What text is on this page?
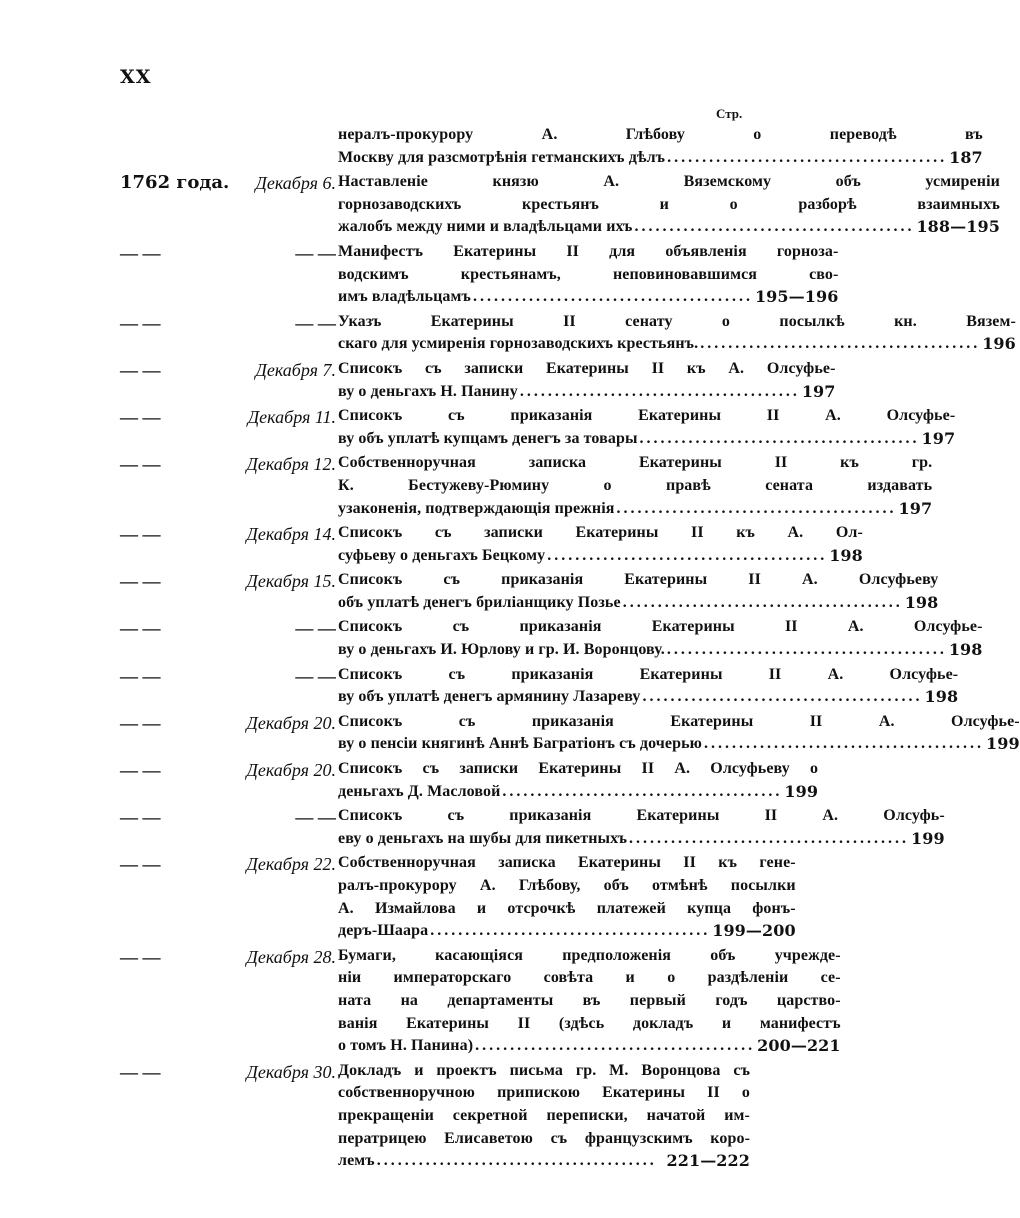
XX
Стр.
нералъ-прокурору А. Глѣбову о переводѣ въ
Москву для разсмотрѣнія гетманскихъ дѣлъ ........................................ 187
1762 года.	Декабря 6. Наставленіе князю А. Вяземскому объ усмиреніи
горнозаводскихъ крестьянъ и о разборѣ взаимныхъ
жалобъ между ними и владѣльцами ихъ ........................................ 188—195
— —	— — Манифестъ Екатерины II для объявленія горноза-
водскимъ крестьянамъ, неповиновавшимся сво-
имъ владѣльцамъ ........................................ 195—196
— —	— — Указъ Екатерины II сенату о посылкѣ кн. Вязем-
скаго для усмиренія горнозаводскихъ крестьянъ. ........................................ 196
— —	Декабря 7. Списокъ съ записки Екатерины II къ А. Олсуфье-
ву о деньгахъ Н. Панину ........................................ 197
— —	Декабря 11. Списокъ съ приказанія Екатерины II А. Олсуфье-
ву объ уплатѣ купцамъ денегъ за товары ........................................ 197
— —	Декабря 12. Собственноручная записка Екатерины II къ гр.
К. Бестужеву-Рюмину о правѣ сената издавать
узаконенія, подтверждающія прежнія ........................................ 197
— —	Декабря 14. Списокъ съ записки Екатерины II къ А. Ол-
суфьеву о деньгахъ Бецкому ........................................ 198
— —	Декабря 15. Списокъ съ приказанія Екатерины II А. Олсуфьеву
объ уплатѣ денегъ бриліанщику Позье ........................................ 198
— —	— — Списокъ съ приказанія Екатерины II А. Олсуфье-
ву о деньгахъ И. Юрлову и гр. И. Воронцову. ........................................ 198
— —	— — Списокъ съ приказанія Екатерины II А. Олсуфье-
ву объ уплатѣ денегъ армянину Лазареву ........................................ 198
— —	Декабря 20. Списокъ съ приказанія Екатерины II А. Олсуфье-
ву о пенсіи княгинѣ Аннѣ Багратіонъ съ дочерью ........................................ 199
— —	Декабря 20. Списокъ съ записки Екатерины II А. Олсуфьеву о
деньгахъ Д. Масловой ........................................ 199
— —	— — Списокъ съ приказанія Екатерины II А. Олсуфь-
еву о деньгахъ на шубы для пикетныхъ ........................................ 199
— —	Декабря 22. Собственноручная записка Екатерины II къ гене-
ралъ-прокурору А. Глѣбову, объ отмѣнѣ посылки
А. Измайлова и отсрочкѣ платежей купца фонъ-
деръ-Шаара ........................................ 199—200
— —	Декабря 28. Бумаги, касающіяся предположенія объ учрежде-
ніи императорскаго совѣта и о раздѣленіи се-
ната на департаменты въ первый годъ царство-
ванія Екатерины II (здѣсь докладъ и манифестъ
о томъ Н. Панина) ........................................ 200—221
— —	Декабря 30. Докладъ и проектъ письма гр. М. Воронцова съ
собственноручною припискою Екатерины II о
прекращеніи секретной переписки, начатой им-
ператрицею Елисаветою съ французскимъ коро-
лемъ ........................................ 221—222
